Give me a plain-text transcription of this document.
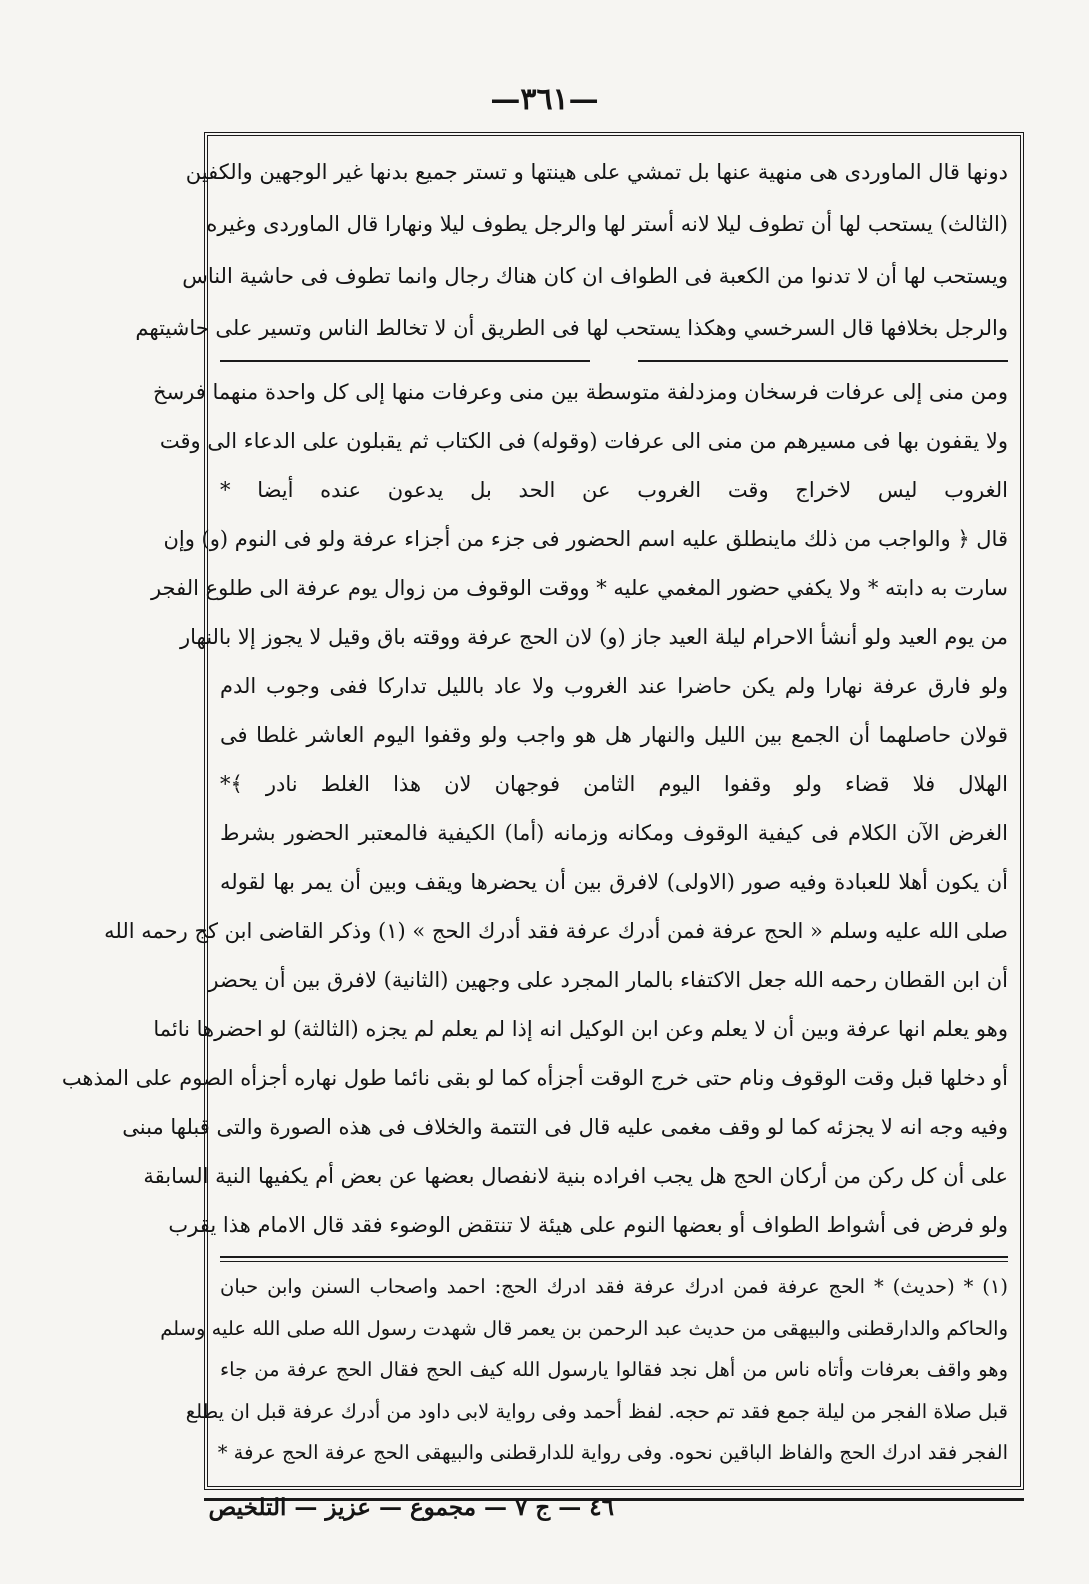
—٣٦١—
دونها قال الماوردى هى منهية عنها بل تمشي على هينتها و تستر جميع بدنها غير الوجهين والكفين
(الثالث) يستحب لها أن تطوف ليلا لانه أستر لها والرجل يطوف ليلا ونهارا قال الماوردى وغيره
ويستحب لها أن لا تدنوا من الكعبة فى الطواف ان كان هناك رجال وانما تطوف فى حاشية الناس
والرجل بخلافها قال السرخسي وهكذا يستحب لها فى الطريق أن لا تخالط الناس وتسير على حاشيتهم
ومن منى إلى عرفات فرسخان ومزدلفة متوسطة بين منى وعرفات منها إلى كل واحدة منهما فرسخ
ولا يقفون بها فى مسيرهم من منى الى عرفات (وقوله) فى الكتاب ثم يقبلون على الدعاء الى وقت
الغروب ليس لاخراج وقت الغروب عن الحد بل يدعون عنده أيضا *
قال ﴿ والواجب من ذلك ماينطلق عليه اسم الحضور فى جزء من أجزاء عرفة ولو فى النوم (و) وإن
سارت به دابته * ولا يكفي حضور المغمي عليه * ووقت الوقوف من زوال يوم عرفة الى طلوع الفجر
من يوم العيد ولو أنشأ الاحرام ليلة العيد جاز (و) لان الحج عرفة ووقته باق وقيل لا يجوز إلا بالنهار
ولو فارق عرفة نهارا ولم يكن حاضرا عند الغروب ولا عاد بالليل تداركا ففى وجوب الدم
قولان حاصلهما أن الجمع بين الليل والنهار هل هو واجب ولو وقفوا اليوم العاشر غلطا فى
الهلال فلا قضاء ولو وقفوا اليوم الثامن فوجهان لان هذا الغلط نادر ﴾*
الغرض الآن الكلام فى كيفية الوقوف ومكانه وزمانه (أما) الكيفية فالمعتبر الحضور بشرط
أن يكون أهلا للعبادة وفيه صور (الاولى) لافرق بين أن يحضرها ويقف وبين أن يمر بها لقوله
صلى الله عليه وسلم « الحج عرفة فمن أدرك عرفة فقد أدرك الحج » (١) وذكر القاضى ابن كج رحمه الله
أن ابن القطان رحمه الله جعل الاكتفاء بالمار المجرد على وجهين (الثانية) لافرق بين أن يحضر
وهو يعلم انها عرفة وبين أن لا يعلم وعن ابن الوكيل انه إذا لم يعلم لم يجزه (الثالثة) لو احضرها نائما
أو دخلها قبل وقت الوقوف ونام حتى خرج الوقت أجزأه كما لو بقى نائما طول نهاره أجزأه الصوم على المذهب
وفيه وجه انه لا يجزئه كما لو وقف مغمى عليه قال فى التتمة والخلاف فى هذه الصورة والتى قبلها مبنى
على أن كل ركن من أركان الحج هل يجب افراده بنية لانفصال بعضها عن بعض أم يكفيها النية السابقة
ولو فرض فى أشواط الطواف أو بعضها النوم على هيئة لا تنتقض الوضوء فقد قال الامام هذا يقرب
(١) * (حديث) * الحج عرفة فمن ادرك عرفة فقد ادرك الحج: احمد واصحاب السنن وابن حبان
والحاكم والدارقطنى والبيهقى من حديث عبد الرحمن بن يعمر قال شهدت رسول الله صلى الله عليه وسلم
وهو واقف بعرفات وأتاه ناس من أهل نجد فقالوا يارسول الله كيف الحج فقال الحج عرفة من جاء
قبل صلاة الفجر من ليلة جمع فقد تم حجه. لفظ أحمد وفى رواية لابى داود من أدرك عرفة قبل ان يطلع
الفجر فقد ادرك الحج والفاظ الباقين نحوه. وفى رواية للدارقطنى والبيهقى الحج عرفة الحج عرفة *
٤٦ — ج ٧ — مجموع — عزيز — التلخيص
